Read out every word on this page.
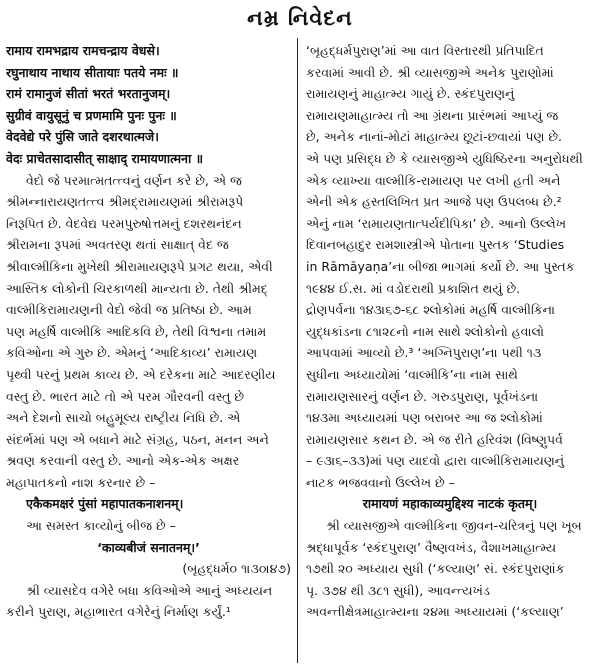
નમ્ર નિવેદન

रामाय रामभद्राय रामचन्द्राय वेधसे।

रघुनाथाय नाथाय सीतायाः पतये नमः ॥

रामं रामानुजं सीतां भरतं भरतानुजम्।

सुग्रीवं वायुसूनुं च प्रणमामि पुनः पुनः ॥

वेदवेद्ये परे पुंसि जाते दशरथात्मजे।

वेदः प्राचेतसादासीत् साक्षाद् रामायणात्मना ॥

વેદો જે પરમાત્મતત્ત્વનું વર્ણન કરે છે, એ જ

શ્રીમન્નારાયણતત્ત્વ શ્રીમદ્‌રામાયણમાં શ્રીરામરૂપે

નિરૂપિત છે. વેદવેદ્ય પરમપુરુષોત્તમનું દશરથનંદન

શ્રીરામના રૂપમાં અવતરણ થતાં સાક્ષાત્ વેદ જ

શ્રીવાલ્મીકિના મુખેથી શ્રીરામાયણરૂપે પ્રગટ થયા, એવી

આસ્તિક લોકોની ચિરકાળથી માન્યતા છે. તેથી શ્રીમદ્

વાલ્મીકિરામાયણની વેદો જેવી જ પ્રતિષ્ઠા છે. આમ

પણ મહર્ષિ વાલ્મીકિ આદિકવિ છે, તેથી વિશ્વના તમામ

કવિઓના એ ગુરુ છે. એમનું ‘આદિકાવ્ય’ રામાયણ

પૃથ્વી પરનું પ્રથમ કાવ્ય છે. એ દરેકના માટે આદરણીય

વસ્તુ છે. ભારત માટે તો એ પરમ ગૌરવની વસ્તુ છે

અને દેશનો સાચો બહુમૂલ્ય રાષ્ટ્રીય નિધિ છે. એ

સંદર્ભમાં પણ એ બધાને માટે સંગ્રહ, પઠન, મનન અને

શ્રવણ કરવાની વસ્તુ છે. આનો એક-એક અક્ષર

મહાપાતકનો નાશ કરનાર છે –

एकैकमक्षरं पुंसां महापातकनाशनम्।

આ સમસ્ત કાવ્યોનું બીજ છે –

‘काव्यबीजं सनातनम्।’

(બૃહદ્ધર્મ૦ ૧।૩૦।૪૭)

શ્રી વ્યાસદેવ વગેરે બધા કવિઓએ આનું અધ્યયન

કરીને પુરાણ, મહાભારત વગેરેનું નિર્માણ કર્યું.¹

‘બૃહદ્ધર્મપુરાણ’માં આ વાત વિસ્તારથી પ્રતિપાદિત

કરવામાં આવી છે. શ્રી વ્યાસજીએ અનેક પુરાણોમાં

રામાયણનું માહાત્મ્ય ગાયું છે. સ્કંદપુરાણનું

રામાયણમાહાત્મ્ય તો આ ગ્રંથના પ્રારંભમાં આપ્યું જ

છે, અનેક નાનાં-મોટાં માહાત્મ્ય છૂટાં-છવાયાં પણ છે.

એ પણ પ્રસિદ્ધ છે કે વ્યાસજીએ યુધિષ્ઠિરના અનુરોધથી

એક વ્યાખ્યા વાલ્મીકિ-રામાયણ પર લખી હતી અને

એની એક હસ્તલિખિત પ્રત આજે પણ ઉપલબ્ધ છે.²

એનું નામ ‘રામાયણતાત્પર્યદીપિકા’ છે. આનો ઉલ્લેખ

દિવાનબહાદુર રામશાસ્ત્રીએ પોતાના પુસ્તક ‘Studies

in Rāmāyaṇa’ના બીજા ભાગમાં કર્યો છે. આ પુસ્તક

૧૯૪૪ ઈ.સ. માં વડોદરાથી પ્રકાશિત થયું છે.

દ્રોણપર્વના ૧૪૩।૬૭-૬૮ શ્લોકોમાં મહર્ષિ વાલ્મીકિના

યુદ્ધકાંડના ૮૧।૨૮નો નામ સાથે શ્લોકોનો હવાલો

આપવામાં આવ્યો છે.³ ‘અગ્નિપુરાણ’ના પથી ૧૩

સુધીના અધ્યાયોમાં ‘વાલ્મીકિ’ના નામ સાથે

રામાયણસારનું વર્ણન છે. ગરુડપુરાણ, પૂર્વખંડના

૧૪૩મા અધ્યાયમાં પણ બરાબર આ જ શ્લોકોમાં

રામાયણસાર કથન છે. એ જ રીતે હરિવંશ (વિષ્ણુપર્વ

– ૯૩।૬–૩૩)માં પણ યાદવો દ્વારા વાલ્મીકિરામાયણનું

નાટક ભજવવાનો ઉલ્લેખ છે –

रामायणं महाकाव्यमुद्दिश्य नाटकं कृतम्।

શ્રી વ્યાસજીએ વાલ્મીકિના જીવન-ચરિત્રનું પણ ખૂબ

શ્રદ્ધાપૂર્વક ‘સ્કંદપુરાણ’ વૈષ્ણવખંડ, વૈશાખમાહાત્મ્ય

૧૭થી ૨૦ અધ્યાય સુધી (‘કલ્યાણ’ સં. સ્કંદપુરાણાંક

પૃ. ૩૭૪ થી ૩૮૧ સુધી), આવન્ત્યખંડ

અવન્તીક્ષેત્રમાહાત્મ્યના ૨૪મા અધ્યાયમાં (‘કલ્યાણ’
